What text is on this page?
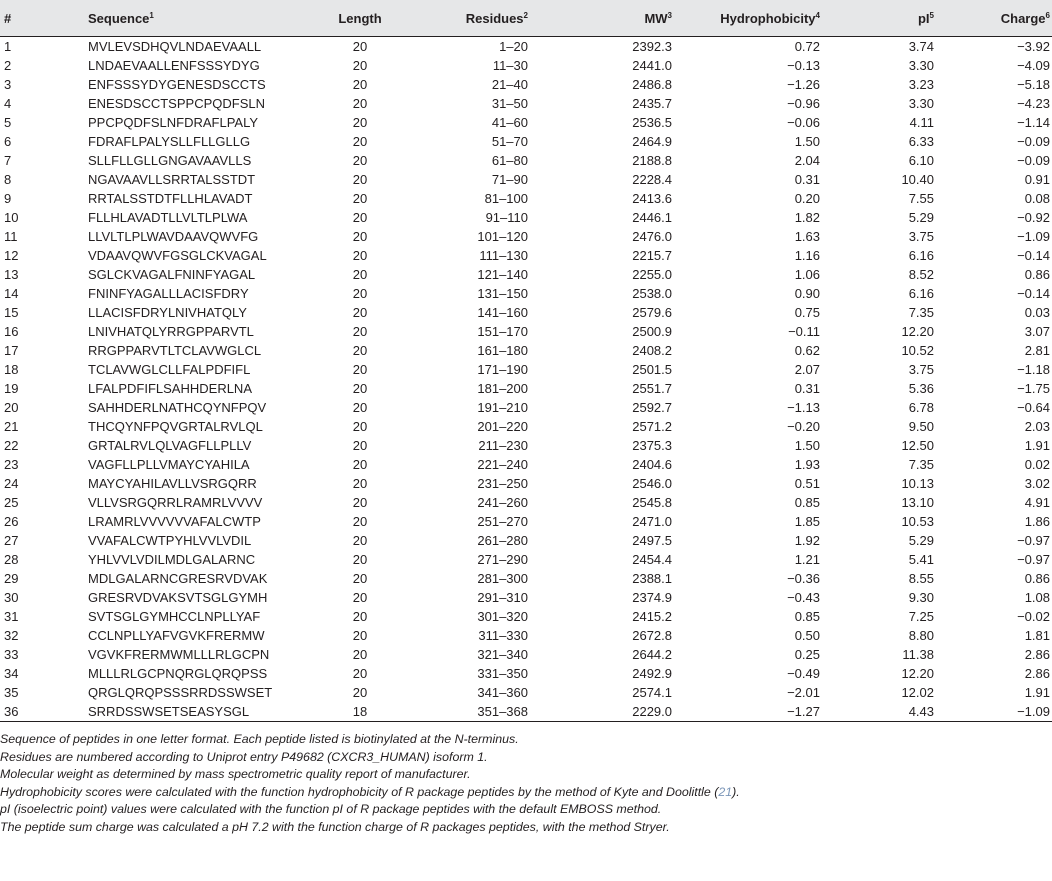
#	Sequence$^1$	Length	Residues$^2$	$MW^3$	Hydrophobicity$^4$	$pI^5$	Charge$^6$
1	MVLEVSDHQVLNDAEVAALL	20	1–20	2392.3	0.72	3.74	−3.92
2	LNDAEVAALLENFSSSYDYG	20	11–30	2441.0	−0.13	3.30	−4.09
3	ENFSSSYDYGENESDSCCTS	20	21–40	2486.8	−1.26	3.23	−5.18
4	ENESDSCCTSPPCPQDFSLN	20	31–50	2435.7	−0.96	3.30	−4.23
5	PPCPQDFSLNFDRAFLPALY	20	41–60	2536.5	−0.06	4.11	−1.14
6	FDRAFLPALYSLLFLLGLLG	20	51–70	2464.9	1.50	6.33	−0.09
7	SLLFLLGLLGNGAVAAVLLS	20	61–80	2188.8	2.04	6.10	−0.09
8	NGAVAAVLLSRRTALSSTDT	20	71–90	2228.4	0.31	10.40	0.91
9	RRTALSSTDTFLLHLAVADT	20	81–100	2413.6	0.20	7.55	0.08
10	FLLHLAVADTLLVLTLPLWA	20	91–110	2446.1	1.82	5.29	−0.92
11	LLVLTLPLWAVDAAVQWVFG	20	101–120	2476.0	1.63	3.75	−1.09
12	VDAAVQWVFGSGLCKVAGAL	20	111–130	2215.7	1.16	6.16	−0.14
13	SGLCKVAGALFNINFYAGAL	20	121–140	2255.0	1.06	8.52	0.86
14	FNINFYAGALLLACISFDRY	20	131–150	2538.0	0.90	6.16	−0.14
15	LLACISFDRYLNIVHATQLY	20	141–160	2579.6	0.75	7.35	0.03
16	LNIVHATQLYRRGPPARVTL	20	151–170	2500.9	−0.11	12.20	3.07
17	RRGPPARVTLTCLAVWGLCL	20	161–180	2408.2	0.62	10.52	2.81
18	TCLAVWGLCLLFALPDFIFL	20	171–190	2501.5	2.07	3.75	−1.18
19	LFALPDFIFLSAHHDERLNA	20	181–200	2551.7	0.31	5.36	−1.75
20	SAHHDERLNATHCQYNFPQV	20	191–210	2592.7	−1.13	6.78	−0.64
21	THCQYNFPQVGRTALRVLQL	20	201–220	2571.2	−0.20	9.50	2.03
22	GRTALRVLQLVAGFLLPLLV	20	211–230	2375.3	1.50	12.50	1.91
23	VAGFLLPLLVMAYCYAHILA	20	221–240	2404.6	1.93	7.35	0.02
24	MAYCYAHILAVLLVSRGQRR	20	231–250	2546.0	0.51	10.13	3.02
25	VLLVSRGQRRLRAMRLVVVV	20	241–260	2545.8	0.85	13.10	4.91
26	LRAMRLVVVVVVAFALCWTP	20	251–270	2471.0	1.85	10.53	1.86
27	VVAFALCWTPYHLVVLVDIL	20	261–280	2497.5	1.92	5.29	−0.97
28	YHLVVLVDILMDLGALARNC	20	271–290	2454.4	1.21	5.41	−0.97
29	MDLGALARNCGRESRVDVAK	20	281–300	2388.1	−0.36	8.55	0.86
30	GRESRVDVAKSVTSGLGYMH	20	291–310	2374.9	−0.43	9.30	1.08
31	SVTSGLGYMHCCLNPLLYAF	20	301–320	2415.2	0.85	7.25	−0.02
32	CCLNPLLYAFVGVKFRERMW	20	311–330	2672.8	0.50	8.80	1.81
33	VGVKFRERMWMLLLRLGCPN	20	321–340	2644.2	0.25	11.38	2.86
34	MLLLRLGCPNQRGLQRQPSS	20	331–350	2492.9	−0.49	12.20	2.86
35	QRGLQRQPSSSRRDSSWSET	20	341–360	2574.1	−2.01	12.02	1.91
36	SRRDSSWSETSEASYSGL	18	351–368	2229.0	−1.27	4.43	−1.09

Sequence of peptides in one letter format. Each peptide listed is biotinylated at the N-terminus.

Residues are numbered according to Uniprot entry P49682 (CXCR3_HUMAN) isoform 1.

Molecular weight as determined by mass spectrometric quality report of manufacturer.

Hydrophobicity scores were calculated with the function hydrophobicity of R package peptides by the method of Kyte and Doolittle (21).

pI (isoelectric point) values were calculated with the function pI of R package peptides with the default EMBOSS method.

The peptide sum charge was calculated a pH 7.2 with the function charge of R packages peptides, with the method Stryer.
